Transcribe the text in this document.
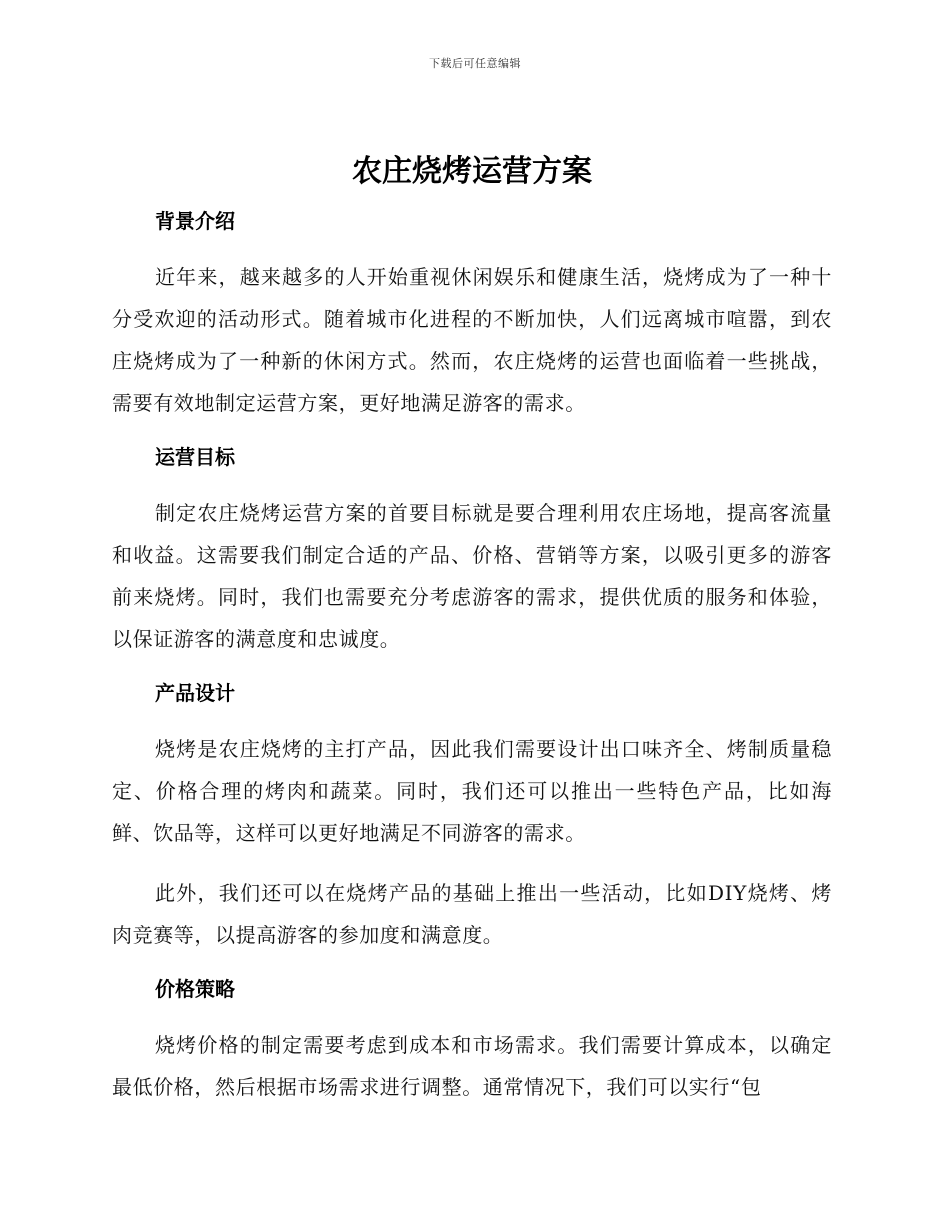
下载后可任意编辑
农庄烧烤运营方案
背景介绍

近年来，越来越多的人开始重视休闲娱乐和健康生活，烧烤成为了一种十分受欢迎的活动形式。随着城市化进程的不断加快，人们远离城市喧嚣，到农庄烧烤成为了一种新的休闲方式。然而，农庄烧烤的运营也面临着一些挑战，需要有效地制定运营方案，更好地满足游客的需求。

运营目标

制定农庄烧烤运营方案的首要目标就是要合理利用农庄场地，提高客流量和收益。这需要我们制定合适的产品、价格、营销等方案，以吸引更多的游客前来烧烤。同时，我们也需要充分考虑游客的需求，提供优质的服务和体验，以保证游客的满意度和忠诚度。

产品设计

烧烤是农庄烧烤的主打产品，因此我们需要设计出口味齐全、烤制质量稳定、价格合理的烤肉和蔬菜。同时，我们还可以推出一些特色产品，比如海鲜、饮品等，这样可以更好地满足不同游客的需求。

此外，我们还可以在烧烤产品的基础上推出一些活动，比如DIY烧烤、烤肉竞赛等，以提高游客的参加度和满意度。

价格策略

烧烤价格的制定需要考虑到成本和市场需求。我们需要计算成本，以确定最低价格，然后根据市场需求进行调整。通常情况下，我们可以实行“包
